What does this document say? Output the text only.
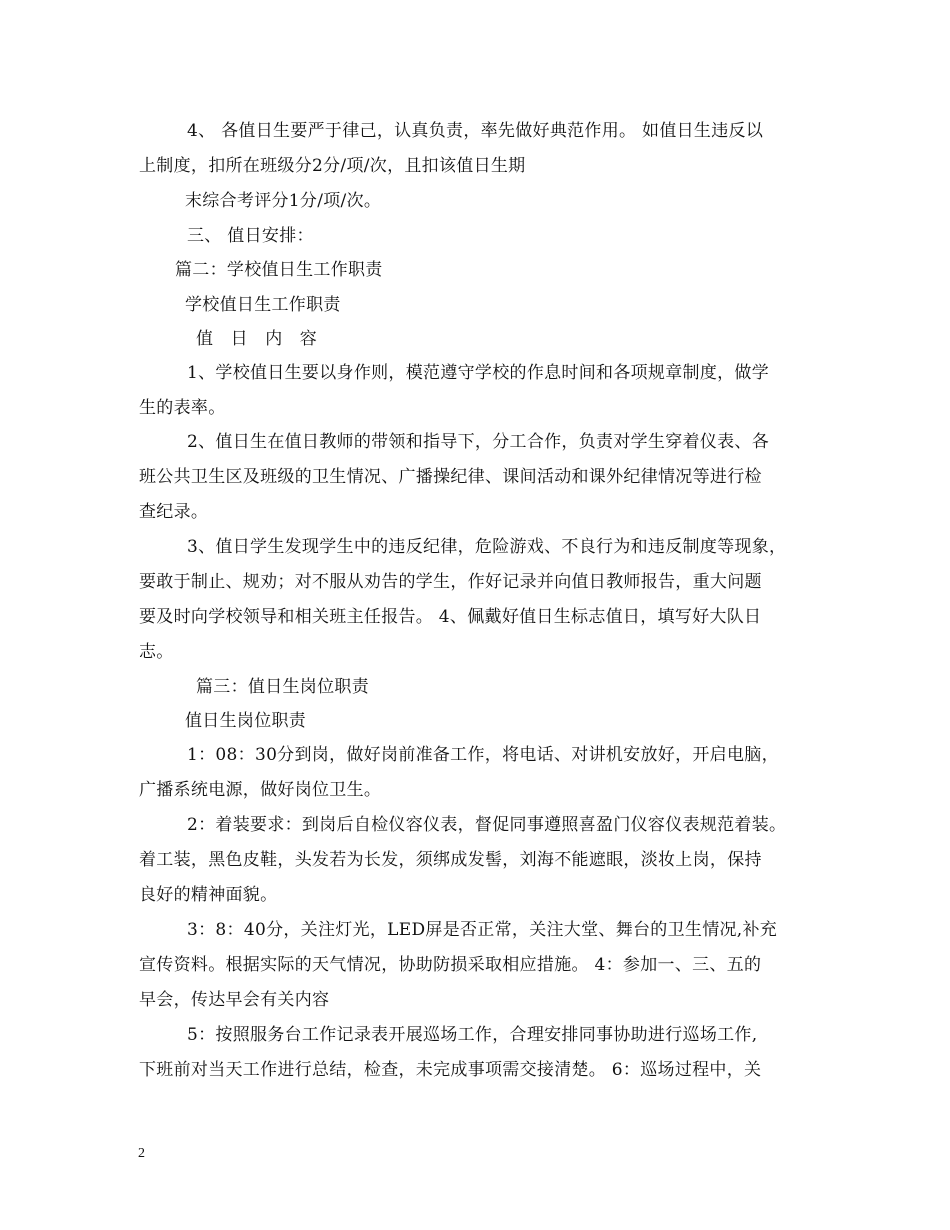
4、 各值日生要严于律己，认真负责，率先做好典范作用。 如值日生违反以
上制度，扣所在班级分2分/项/次，且扣该值日生期
末综合考评分1分/项/次。
三、 值日安排：
篇二：学校值日生工作职责
学校值日生工作职责
值　日　内　容
1、学校值日生要以身作则，模范遵守学校的作息时间和各项规章制度，做学
生的表率。
2、值日生在值日教师的带领和指导下，分工合作，负责对学生穿着仪表、各
班公共卫生区及班级的卫生情况、广播操纪律、课间活动和课外纪律情况等进行检
查纪录。
3、值日学生发现学生中的违反纪律，危险游戏、不良行为和违反制度等现象，
要敢于制止、规劝；对不服从劝告的学生，作好记录并向值日教师报告，重大问题
要及时向学校领导和相关班主任报告。 4、佩戴好值日生标志值日，填写好大队日
志。
篇三：值日生岗位职责
值日生岗位职责
1：08：30分到岗，做好岗前准备工作，将电话、对讲机安放好，开启电脑，
广播系统电源，做好岗位卫生。
2：着装要求：到岗后自检仪容仪表，督促同事遵照喜盈门仪容仪表规范着装。
着工装，黑色皮鞋，头发若为长发，须绑成发髻，刘海不能遮眼，淡妆上岗，保持
良好的精神面貌。
3：8：40分，关注灯光，LED屏是否正常，关注大堂、舞台的卫生情况,补充
宣传资料。根据实际的天气情况，协助防损采取相应措施。 4：参加一、三、五的
早会，传达早会有关内容
5：按照服务台工作记录表开展巡场工作，合理安排同事协助进行巡场工作,
下班前对当天工作进行总结，检查，未完成事项需交接清楚。 6：巡场过程中，关
2
